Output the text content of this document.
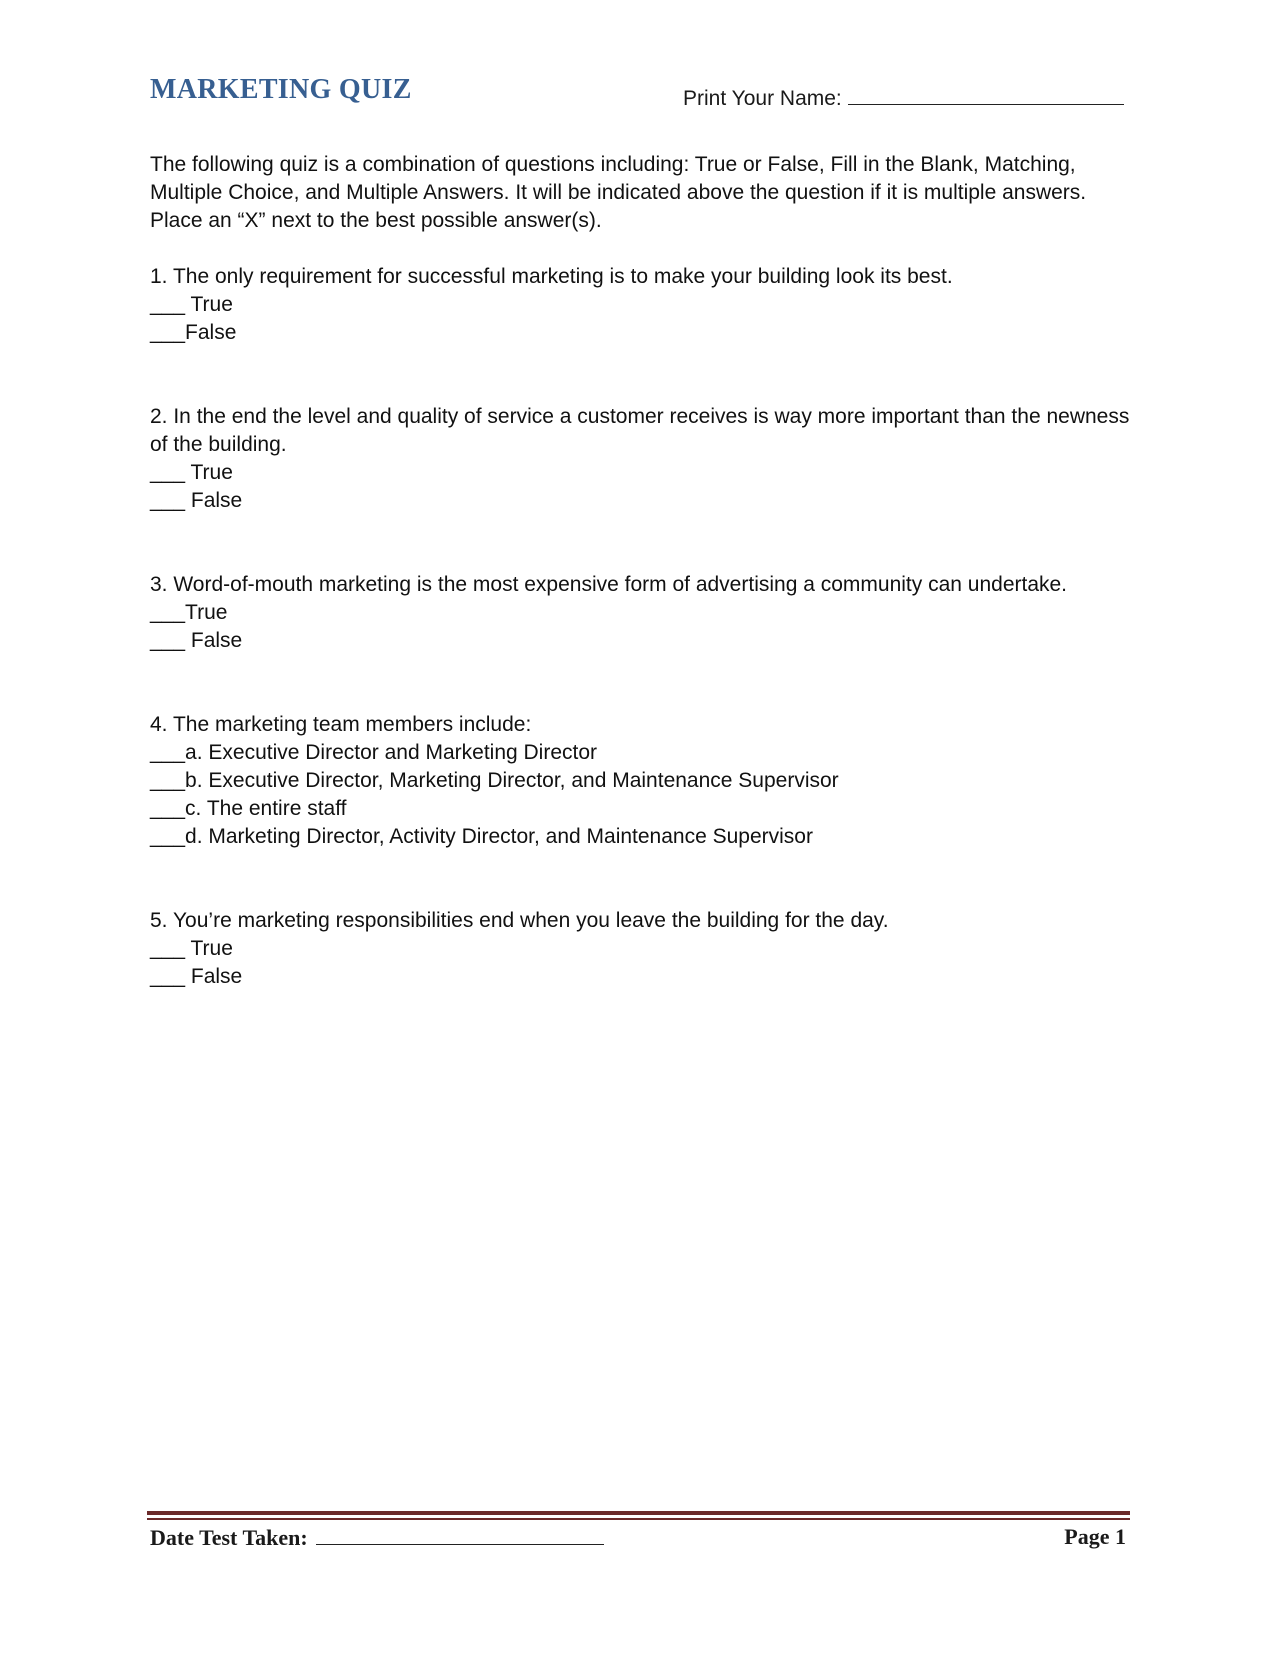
MARKETING QUIZ	Print Your Name:

The following quiz is a combination of questions including: True or False, Fill in the Blank, Matching, Multiple Choice, and Multiple Answers. It will be indicated above the question if it is multiple answers. Place an “X” next to the best possible answer(s).

1. The only requirement for successful marketing is to make your building look its best.
___ True
___False
2. In the end the level and quality of service a customer receives is way more important than the newness of the building.
___ True
___ False
3. Word-of-mouth marketing is the most expensive form of advertising a community can undertake.
___True
___ False
4. The marketing team members include:
___a. Executive Director and Marketing Director
___b. Executive Director, Marketing Director, and Maintenance Supervisor
___c. The entire staff
___d. Marketing Director, Activity Director, and Maintenance Supervisor
5. You’re marketing responsibilities end when you leave the building for the day.
___ True
___ False
Date Test Taken:	Page 1
